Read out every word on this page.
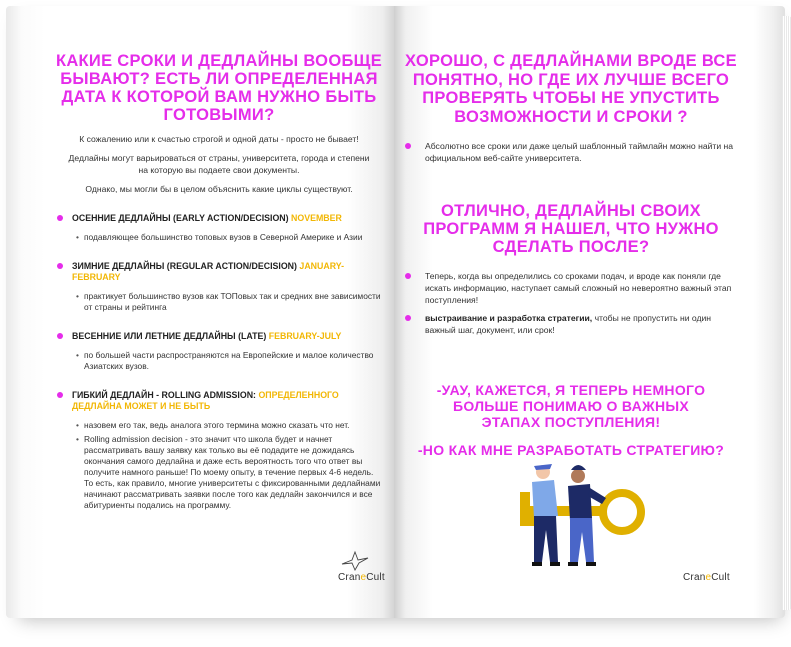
КАКИЕ СРОКИ И ДЕДЛАЙНЫ ВООБЩЕ БЫВАЮТ? ЕСТЬ ЛИ ОПРЕДЕЛЕННАЯ ДАТА К КОТОРОЙ ВАМ НУЖНО БЫТЬ ГОТОВЫМИ?

К сожалению или к счастью строгой и одной даты - просто не бывает!

Дедлайны могут варьироваться от страны, университета, города и степени на которую вы подаете свои документы.

Однако, мы могли бы в целом объяснить какие циклы существуют.

ОСЕННИЕ ДЕДЛАЙНЫ (EARLY ACTION/DECISION) NOVEMBER
• подавляющее большинство топовых вузов в Северной Америке и Азии
ЗИМНИЕ ДЕДЛАЙНЫ (REGULAR ACTION/DECISION) JANUARY-FEBRUARY
• практикует большинство вузов как ТОПовых так и средних вне зависимости от страны и рейтинга
ВЕСЕННИЕ ИЛИ ЛЕТНИЕ ДЕДЛАЙНЫ (LATE) FEBRUARY-JULY
• по большей части распространяются на Европейские и малое количество Азиатских вузов.
ГИБКИЙ ДЕДЛАЙН - ROLLING ADMISSION: ОПРЕДЕЛЕННОГО ДЕДЛАЙНА МОЖЕТ И НЕ БЫТЬ
• назовем его так, ведь аналога этого термина можно сказать что нет.
• Rolling admission decision - это значит что школа будет и начнет рассматривать вашу заявку как только вы её подадите не дожидаясь окончания самого дедлайна и даже есть вероятность того что ответ вы получите намного раньше! По моему опыту, в течение первых 4-6 недель. То есть, как правило, многие университеты с фиксированными дедлайнами начинают рассматривать заявки после того как дедлайн закончился и все абитуриенты подались на программу.
CraneCult
ХОРОШО, С ДЕДЛАЙНАМИ ВРОДЕ ВСЕ ПОНЯТНО, НО ГДЕ ИХ ЛУЧШЕ ВСЕГО ПРОВЕРЯТЬ ЧТОБЫ НЕ УПУСТИТЬ ВОЗМОЖНОСТИ И СРОКИ ?
Абсолютно все сроки или даже целый шаблонный таймлайн можно найти на официальном веб-сайте университета.
ОТЛИЧНО, ДЕДЛАЙНЫ СВОИХ ПРОГРАММ Я НАШЕЛ, ЧТО НУЖНО СДЕЛАТЬ ПОСЛЕ?
Теперь, когда вы определились со сроками подач, и вроде как поняли где искать информацию, наступает самый сложный но невероятно важный этап поступления!
выстраивание и разработка стратегии, чтобы не пропустить ни один важный шаг, документ, или срок!
-УАУ, КАЖЕТСЯ, Я ТЕПЕРЬ НЕМНОГО БОЛЬШЕ ПОНИМАЮ О ВАЖНЫХ ЭТАПАХ ПОСТУПЛЕНИЯ!
-НО КАК МНЕ РАЗРАБОТАТЬ СТРАТЕГИЮ?
CraneCult
